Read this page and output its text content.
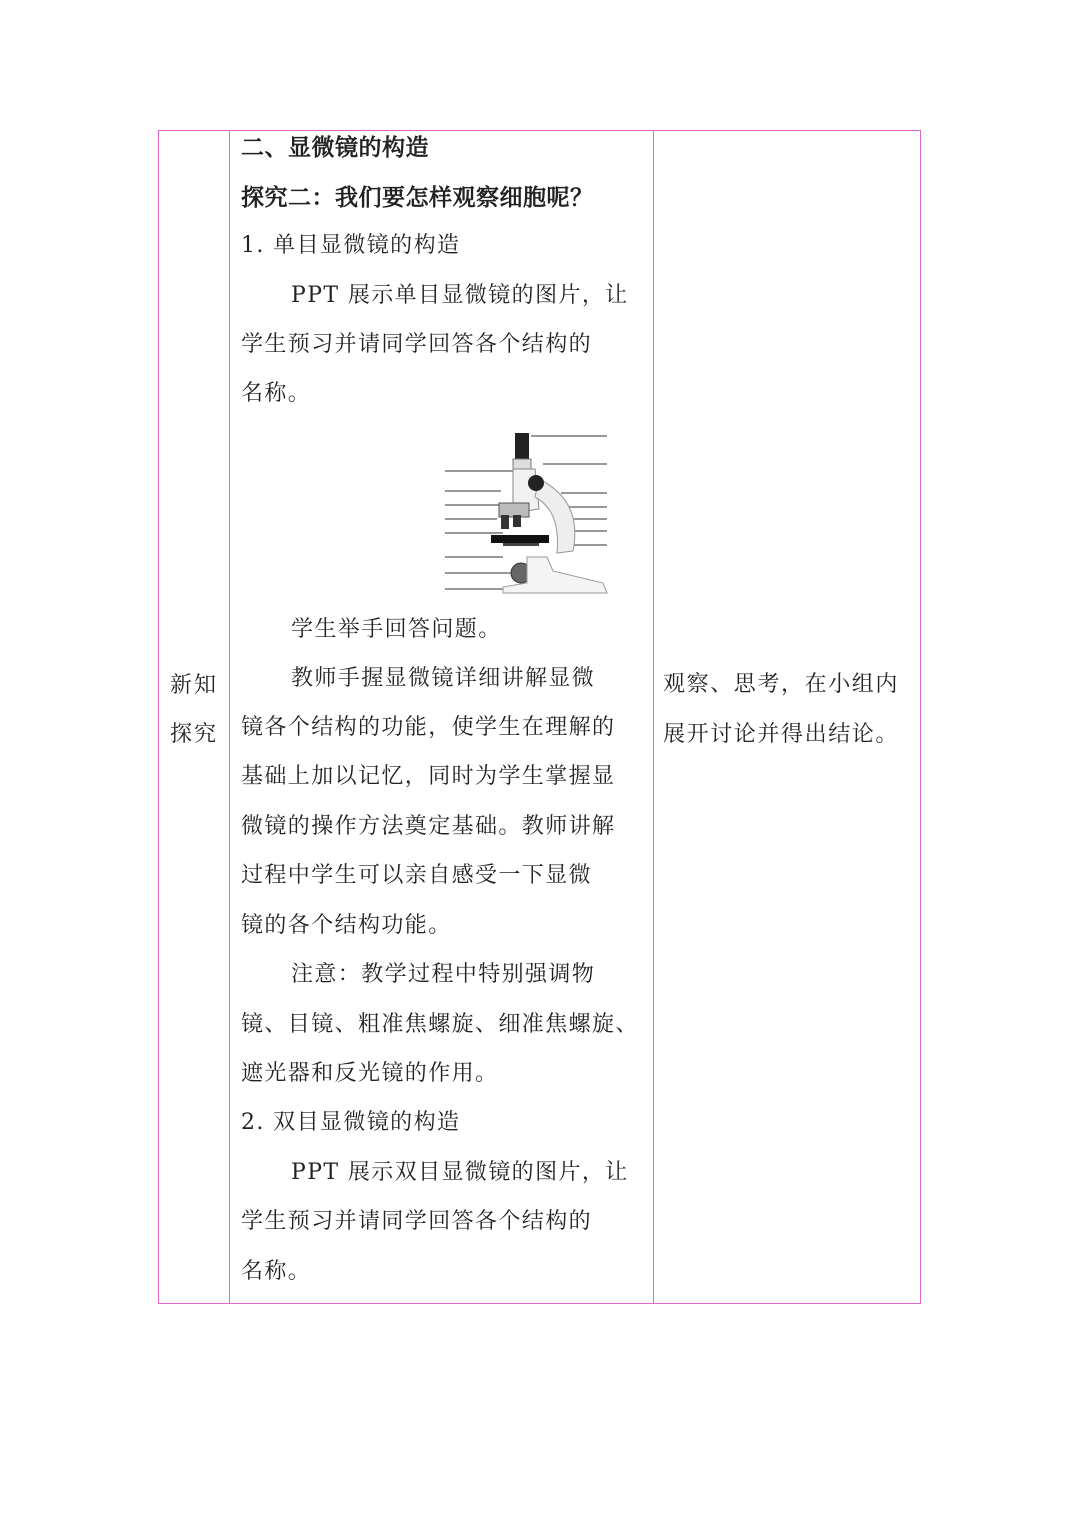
新知
探究
二、显微镜的构造
探究二：我们要怎样观察细胞呢？
1. 单目显微镜的构造
PPT 展示单目显微镜的图片，让
学生预习并请同学回答各个结构的
名称。
学生举手回答问题。
教师手握显微镜详细讲解显微
镜各个结构的功能，使学生在理解的
基础上加以记忆，同时为学生掌握显
微镜的操作方法奠定基础。教师讲解
过程中学生可以亲自感受一下显微
镜的各个结构功能。
注意：教学过程中特别强调物
镜、目镜、粗准焦螺旋、细准焦螺旋、
遮光器和反光镜的作用。
2. 双目显微镜的构造
PPT 展示双目显微镜的图片，让
学生预习并请同学回答各个结构的
名称。
观察、思考，在小组内
展开讨论并得出结论。
